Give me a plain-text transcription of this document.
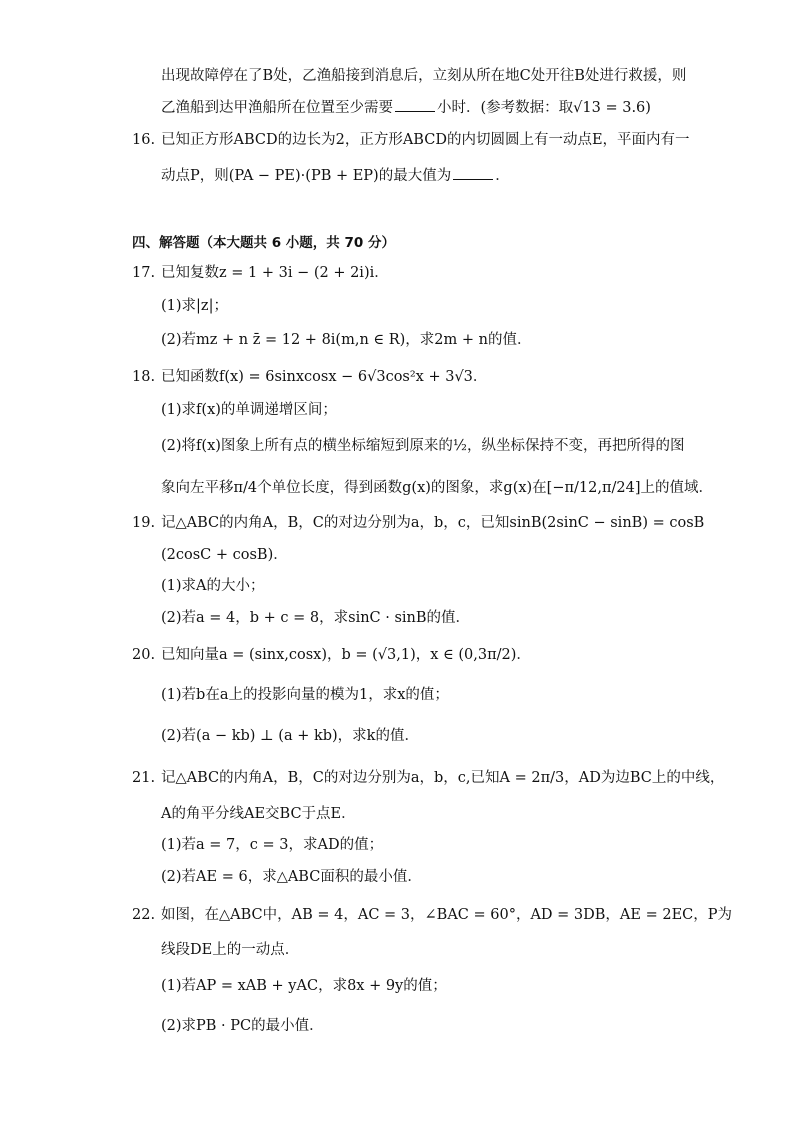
出现故障停在了B处，乙渔船接到消息后，立刻从所在地C处开往B处进行救援，则
乙渔船到达甲渔船所在位置至少需要	小时．(参考数据：取√13 = 3.6)
16. 已知正方形ABCD的边长为2，正方形ABCD的内切圆圆上有一动点E，平面内有一
动点P，则(PA − PE)·(PB + EP)的最大值为	．
四、解答题（本大题共 6 小题，共 70 分）
17. 已知复数z = 1 + 3i − (2 + 2i)i．
(1)求|z|；
(2)若mz + n z̄ = 12 + 8i(m,n ∈ R)，求2m + n的值．
18. 已知函数f(x) = 6sinxcosx − 6√3cos²x + 3√3．
(1)求f(x)的单调递增区间；
(2)将f(x)图象上所有点的横坐标缩短到原来的½，纵坐标保持不变，再把所得的图
象向左平移π/4个单位长度，得到函数g(x)的图象，求g(x)在[−π/12,π/24]上的值域．
19. 记△ABC的内角A，B，C的对边分别为a，b，c，已知sinB(2sinC − sinB) = cosB
(2cosC + cosB)．
(1)求A的大小；
(2)若a = 4，b + c = 8，求sinC · sinB的值．
20. 已知向量a = (sinx,cosx)，b = (√3,1)，x ∈ (0,3π/2)．
(1)若b在a上的投影向量的模为1，求x的值；
(2)若(a − kb) ⊥ (a + kb)，求k的值．
21. 记△ABC的内角A，B，C的对边分别为a，b，c,已知A = 2π/3，AD为边BC上的中线，
A的角平分线AE交BC于点E．
(1)若a = 7，c = 3，求AD的值；
(2)若AE = 6，求△ABC面积的最小值．
22. 如图，在△ABC中，AB = 4，AC = 3，∠BAC = 60°，AD = 3DB，AE = 2EC，P为
线段DE上的一动点．
(1)若AP = xAB + yAC，求8x + 9y的值；
(2)求PB · PC的最小值．
